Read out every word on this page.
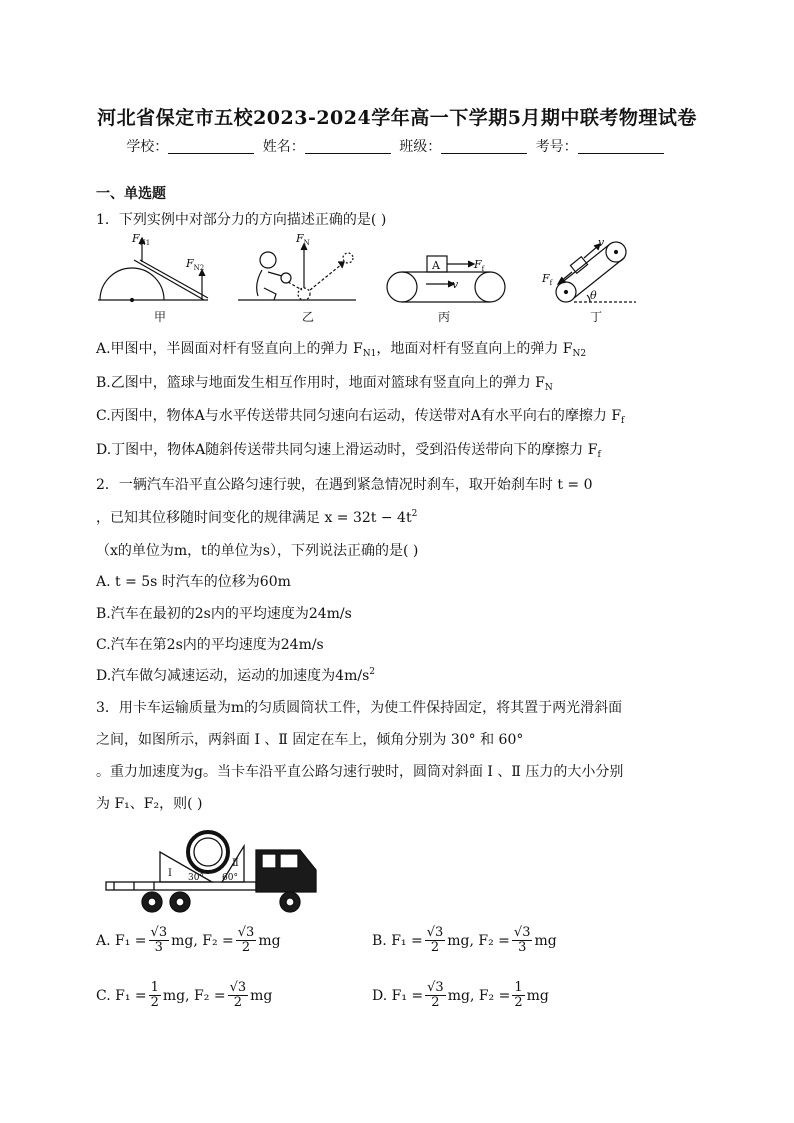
河北省保定市五校2023-2024学年高一下学期5月期中联考物理试卷
学校：	姓名：	班级：	考号：
一、单选题
1．下列实例中对部分力的方向描述正确的是( )
$F_{N1}$
$F_{N2}$
$F_N$
A	$F_f$
v
v
$F_f$
θ
甲	乙	丙	丁
A.甲图中，半圆面对杆有竖直向上的弹力 $F_{N1}$，地面对杆有竖直向上的弹力 $F_{N2}$
B.乙图中，篮球与地面发生相互作用时，地面对篮球有竖直向上的弹力 $F_N$
C.丙图中，物体A与水平传送带共同匀速向右运动，传送带对A有水平向右的摩擦力 $F_f$
D.丁图中，物体A随斜传送带共同匀速上滑运动时，受到沿传送带向下的摩擦力 $F_f$
2．一辆汽车沿平直公路匀速行驶，在遇到紧急情况时刹车，取开始刹车时 t = 0
，已知其位移随时间变化的规律满足 $x = 32t - 4t^2$
（x的单位为m，t的单位为s），下列说法正确的是( )
A. t = 5s 时汽车的位移为60m
B.汽车在最初的2s内的平均速度为24m/s
C.汽车在第2s内的平均速度为24m/s
D.汽车做匀减速运动，运动的加速度为$4m/s^2$
3．用卡车运输质量为m的匀质圆筒状工件，为使工件保持固定，将其置于两光滑斜面
之间，如图所示，两斜面 Ⅰ 、Ⅱ 固定在车上，倾角分别为 30° 和 60°
。重力加速度为g。当卡车沿平直公路匀速行驶时，圆筒对斜面 Ⅰ 、Ⅱ 压力的大小分别
为 F₁、F₂，则( )
Ⅰ
Ⅱ
30° 60°
A. $F_1 = \frac{√3}{3}$ mg, $F_2 = \frac{√3}{2}$ mg	B. $F_1 = \frac{√3}{2}$ mg, $F_2 = \frac{√3}{3}$ mg
C. $F_1 = \frac{1}{2}$ mg, $F_2 = \frac{√3}{2}$ mg	D. $F_1 = \frac{√3}{2}$ mg, $F_2 = \frac{1}{2}$ mg
